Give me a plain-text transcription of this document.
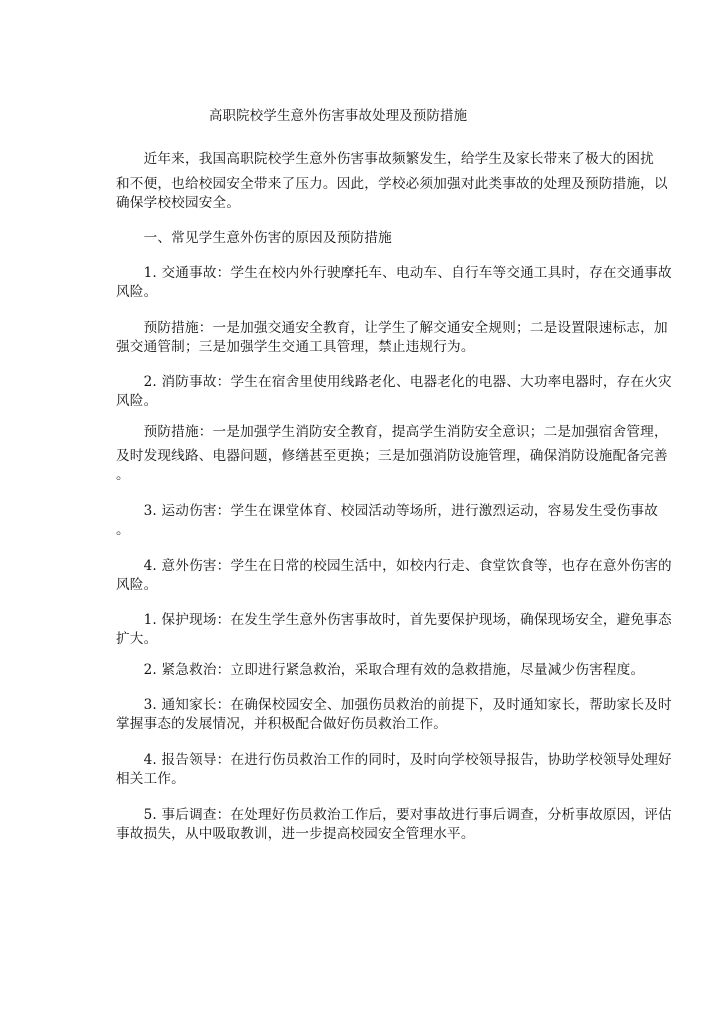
高职院校学生意外伤害事故处理及预防措施
　　近年来，我国高职院校学生意外伤害事故频繁发生，给学生及家长带来了极大的困扰
和不便，也给校园安全带来了压力。因此，学校必须加强对此类事故的处理及预防措施，以
确保学校校园安全。
　　一、常见学生意外伤害的原因及预防措施
　　1. 交通事故：学生在校内外行驶摩托车、电动车、自行车等交通工具时，存在交通事故
风险。
　　预防措施：一是加强交通安全教育，让学生了解交通安全规则；二是设置限速标志，加
强交通管制；三是加强学生交通工具管理，禁止违规行为。
　　2. 消防事故：学生在宿舍里使用线路老化、电器老化的电器、大功率电器时，存在火灾
风险。
　　预防措施：一是加强学生消防安全教育，提高学生消防安全意识；二是加强宿舍管理，
及时发现线路、电器问题，修缮甚至更换；三是加强消防设施管理，确保消防设施配备完善
。
　　3. 运动伤害：学生在课堂体育、校园活动等场所，进行激烈运动，容易发生受伤事故
。
　　4. 意外伤害：学生在日常的校园生活中，如校内行走、食堂饮食等，也存在意外伤害的
风险。
　　1. 保护现场：在发生学生意外伤害事故时，首先要保护现场，确保现场安全，避免事态
扩大。
　　2. 紧急救治：立即进行紧急救治，采取合理有效的急救措施，尽量减少伤害程度。
　　3. 通知家长：在确保校园安全、加强伤员救治的前提下，及时通知家长，帮助家长及时
掌握事态的发展情况，并积极配合做好伤员救治工作。
　　4. 报告领导：在进行伤员救治工作的同时，及时向学校领导报告，协助学校领导处理好
相关工作。
　　5. 事后调查：在处理好伤员救治工作后，要对事故进行事后调查，分析事故原因，评估
事故损失，从中吸取教训，进一步提高校园安全管理水平。
